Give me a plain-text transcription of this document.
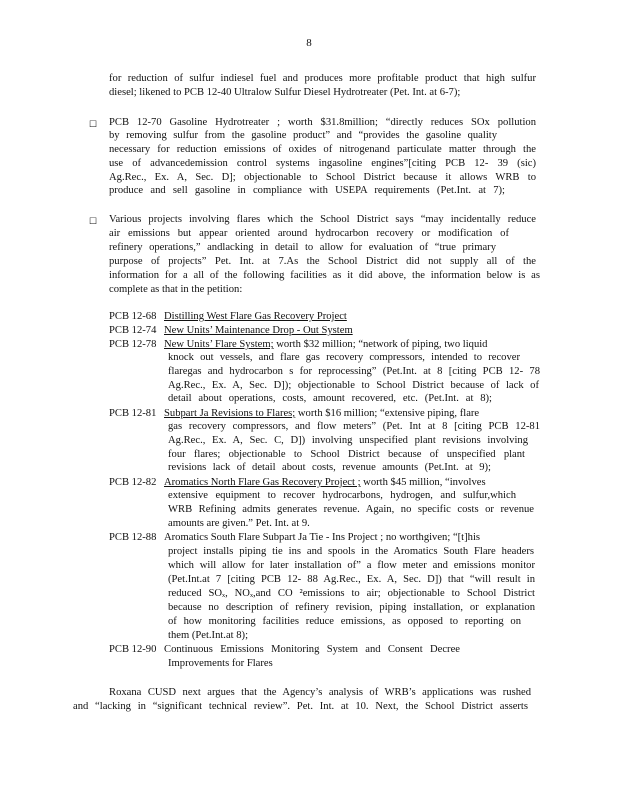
8
for reduction of sulfur indiesel fuel and produces more profitable product that high sulfur
diesel; likened to PCB 12-40 Ultralow Sulfur Diesel Hydrotreater (Pet. Int. at 6-7);
☐ PCB 12-70 Gasoline Hydrotreater ; worth $31.8million; “directly reduces SOx pollution
by removing sulfur from the gasoline product” and “provides the gasoline quality
necessary for reduction emissions of oxides of nitrogenand particulate matter through the
use of advancedemission control systems ingasoline engines”[citing PCB 12- 39 (sic)
Ag.Rec., Ex. A, Sec. D]; objectionable to School District because it allows WRB to
produce and sell gasoline in compliance with USEPA requirements (Pet.Int. at 7);
☐ Various projects involving flares which the School District says “may incidentally reduce
air emissions but appear oriented around hydrocarbon recovery or modification of
refinery operations,” andlacking in detail to allow for evaluation of “true primary
purpose of projects” Pet. Int. at 7.As the School District did not supply all of the
information for a all of the following facilities as it did above, the information below is as
complete as that in the petition:
PCB 12-68 Distilling West Flare Gas Recovery Project
PCB 12-74 New Units’ Maintenance Drop - Out System
PCB 12-78 New Units’ Flare System; worth $32 million; “network of piping, two liquid
knock out vessels, and flare gas recovery compressors, intended to recover
flaregas and hydrocarbon s for reprocessing” (Pet.Int. at 8 [citing PCB 12- 78
Ag.Rec., Ex. A, Sec. D]); objectionable to School District because of lack of
detail about operations, costs, amount recovered, etc. (Pet.Int. at 8);
PCB 12-81 Subpart Ja Revisions to Flares; worth $16 million; “extensive piping, flare
gas recovery compressors, and flow meters” (Pet. Int at 8 [citing PCB 12-81
Ag.Rec., Ex. A, Sec. C, D]) involving unspecified plant revisions involving
four flares; objectionable to School District because of unspecified plant
revisions lack of detail about costs, revenue amounts (Pet.Int. at 9);
PCB 12-82 Aromatics North Flare Gas Recovery Project ; worth $45 million, “involves
extensive equipment to recover hydrocarbons, hydrogen, and sulfur,which
WRB Refining admits generates revenue. Again, no specific costs or revenue
amounts are given.” Pet. Int. at 9.
PCB 12-88 Aromatics South Flare Subpart Ja Tie - Ins Project ; no worthgiven; “[t]his
project installs piping tie ins and spools in the Aromatics South Flare headers
which will allow for later installation of” a flow meter and emissions monitor
(Pet.Int.at 7 [citing PCB 12- 88 Ag.Rec., Ex. A, Sec. D]) that “will result in
reduced SOₓ, NOₓ,and CO ²emissions to air; objectionable to School District
because no description of refinery revision, piping installation, or explanation
of how monitoring facilities reduce emissions, as opposed to reporting on
them (Pet.Int.at 8);
PCB 12-90 Continuous Emissions Monitoring System and Consent Decree
Improvements for Flares
Roxana CUSD next argues that the Agency’s analysis of WRB’s applications was rushed
and “lacking in “significant technical review”. Pet. Int. at 10. Next, the School District asserts
